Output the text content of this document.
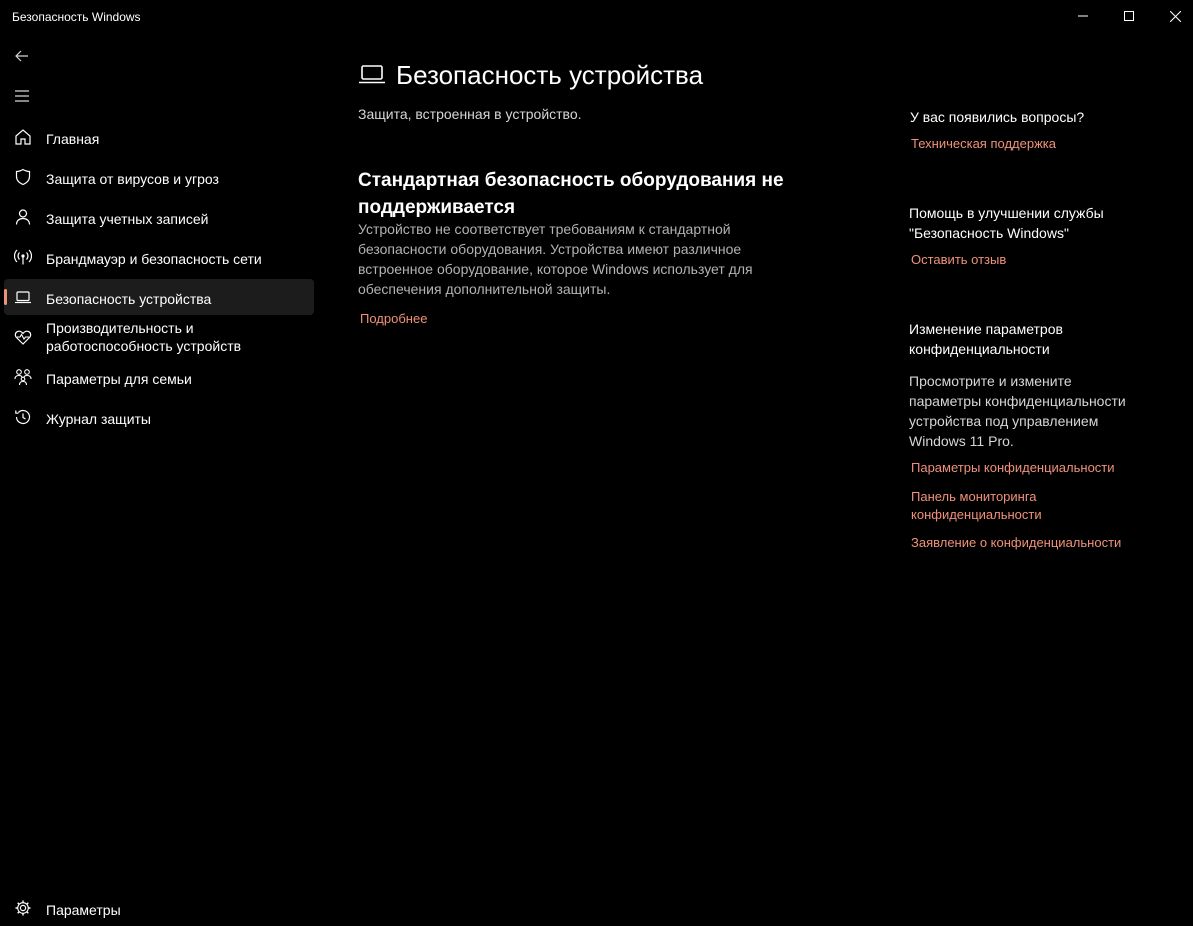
Безопасность Windows
Главная
Защита от вирусов и угроз
Защита учетных записей
Брандмауэр и безопасность сети
Безопасность устройства
Производительность и
работоспособность устройств
Параметры для семьи
Журнал защиты
Параметры
Безопасность устройства
Защита, встроенная в устройство.
Стандартная безопасность оборудования не
поддерживается
Устройство не соответствует требованиям к стандартной
безопасности оборудования. Устройства имеют различное
встроенное оборудование, которое Windows использует для
обеспечения дополнительной защиты.
Подробнее
У вас появились вопросы?
Техническая поддержка
Помощь в улучшении службы
"Безопасность Windows"
Оставить отзыв
Изменение параметров
конфиденциальности
Просмотрите и измените
параметры конфиденциальности
устройства под управлением
Windows 11 Pro.
Параметры конфиденциальности
Панель мониторинга
конфиденциальности
Заявление о конфиденциальности
